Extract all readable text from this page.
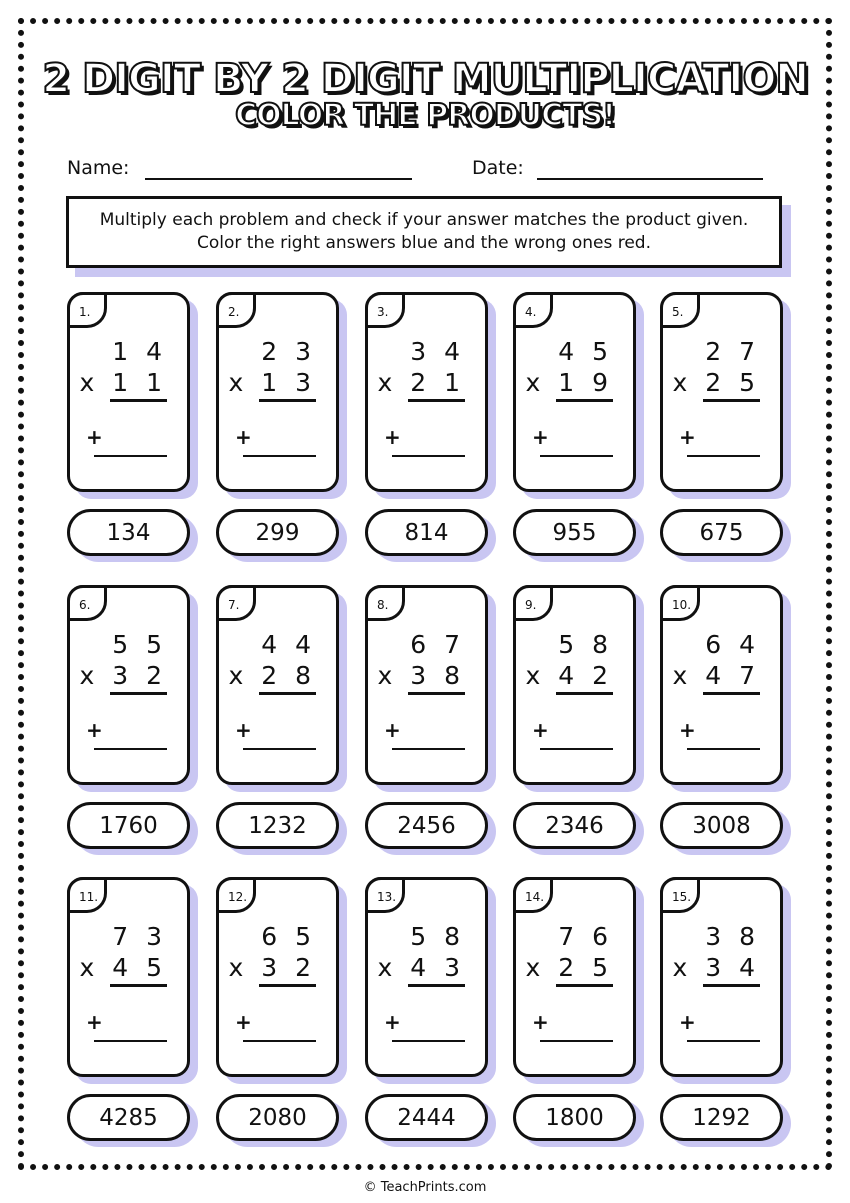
2 DIGIT BY 2 DIGIT MULTIPLICATION
COLOR THE PRODUCTS!
Name:	Date:
Multiply each problem and check if your answer matches the product given. Color the right answers blue and the wrong ones red.
1.
1 4
x 1 1
+
134
2.
2 3
x 1 3
+
299
3.
3 4
x 2 1
+
814
4.
4 5
x 1 9
+
955
5.
2 7
x 2 5
+
675
6.
5 5
x 3 2
+
1760
7.
4 4
x 2 8
+
1232
8.
6 7
x 3 8
+
2456
9.
5 8
x 4 2
+
2346
10.
6 4
x 4 7
+
3008
11.
7 3
x 4 5
+
4285
12.
6 5
x 3 2
+
2080
13.
5 8
x 4 3
+
2444
14.
7 6
x 2 5
+
1800
15.
3 8
x 3 4
+
1292
© TeachPrints.com
